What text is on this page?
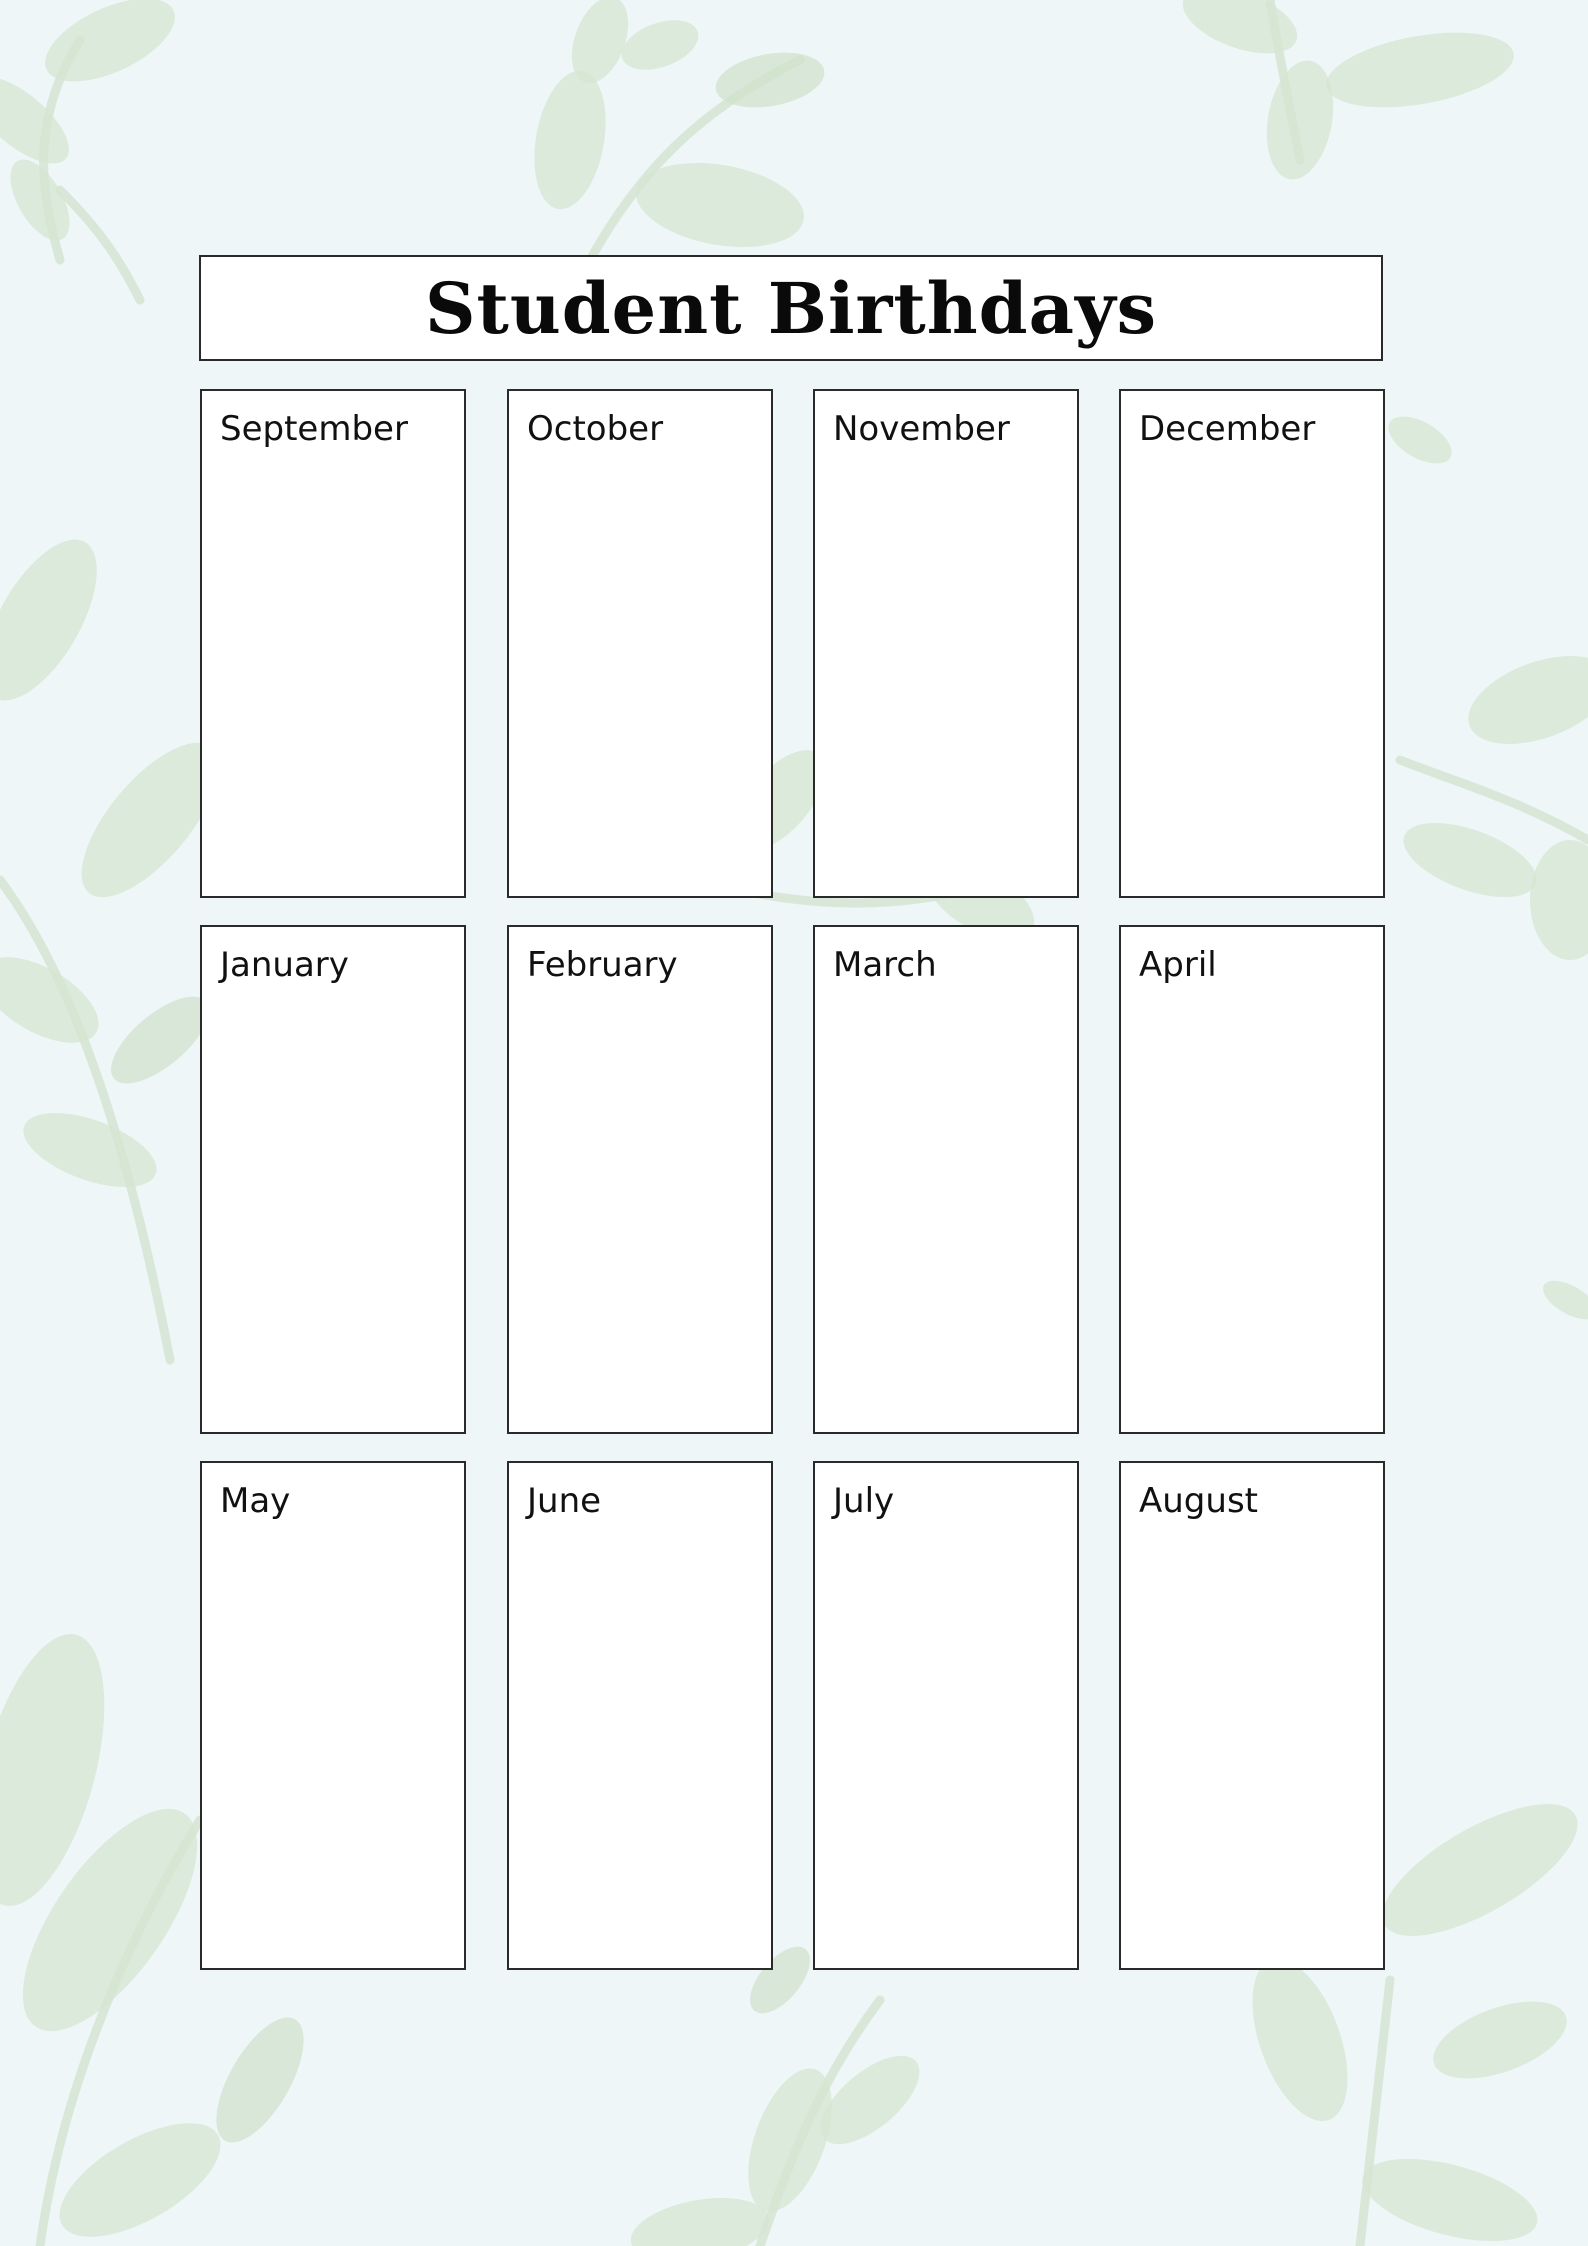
Student Birthdays
September	October	November	December
January	February	March	April
May	June	July	August
